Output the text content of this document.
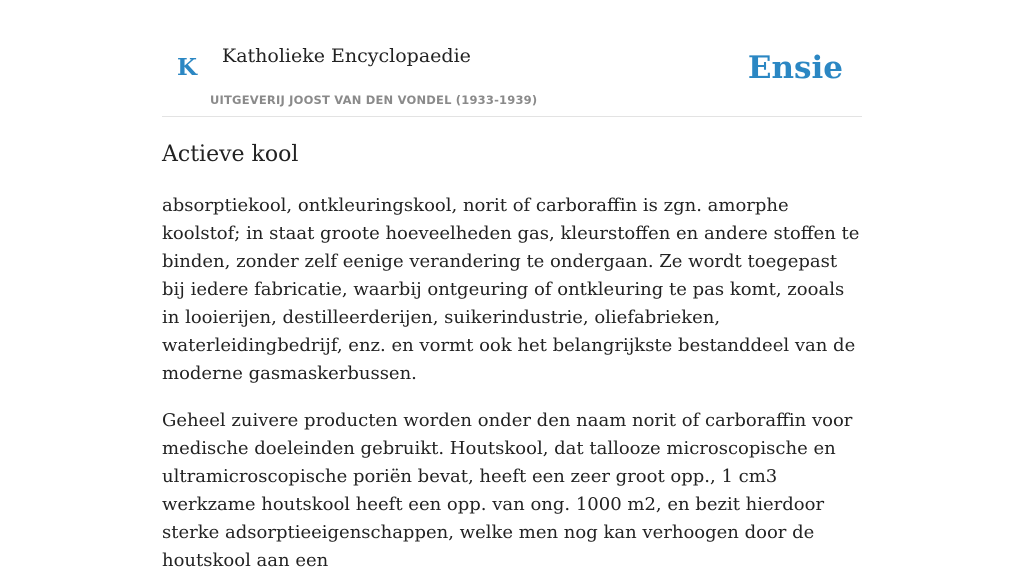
K Katholieke Encyclopaedie
UITGEVERIJ JOOST VAN DEN VONDEL (1933-1939)
Ensie
Actieve kool

absorptiekool, ontkleuringskool, norit of carboraffin is zgn. amorphe koolstof; in staat groote hoeveelheden gas, kleurstoffen en andere stoffen te binden, zonder zelf eenige verandering te ondergaan. Ze wordt toegepast bij iedere fabricatie, waarbij ontgeuring of ontkleuring te pas komt, zooals in looierijen, destilleerderijen, suikerindustrie, oliefabrieken, waterleidingbedrijf, enz. en vormt ook het belangrijkste bestanddeel van de moderne gasmaskerbussen.

Geheel zuivere producten worden onder den naam norit of carboraffin voor medische doeleinden gebruikt. Houtskool, dat tallooze microscopische en ultramicroscopische poriën bevat, heeft een zeer groot opp., 1 cm3 werkzame houtskool heeft een opp. van ong. 1000 m2, en bezit hierdoor sterke adsorptieeigenschappen, welke men nog kan verhoogen door de houtskool aan een
